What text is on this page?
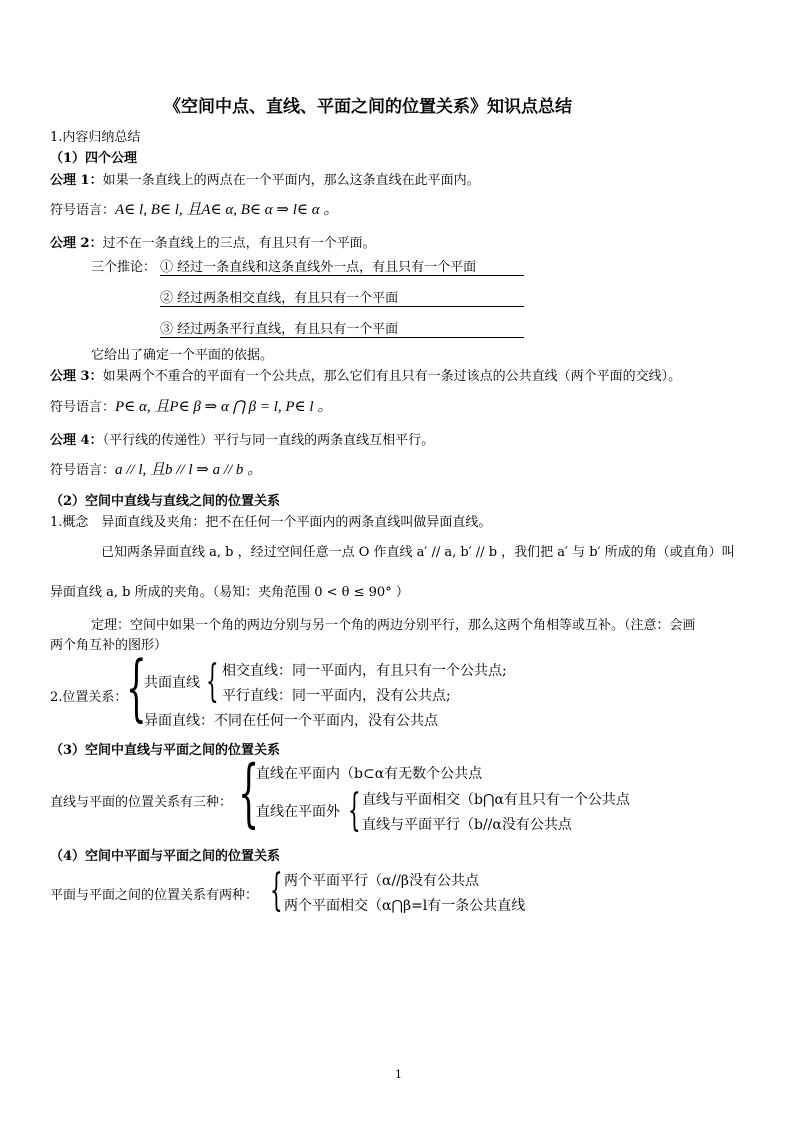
《空间中点、直线、平面之间的位置关系》知识点总结
1.内容归纳总结
（1）四个公理
公理 1：如果一条直线上的两点在一个平面内，那么这条直线在此平面内。
符号语言：A∈ l, B∈ l, 且A∈ α, B∈ α ⇒ l∈ α 。
公理 2：过不在一条直线上的三点，有且只有一个平面。
三个推论： ① 经过一条直线和这条直线外一点，有且只有一个平面
② 经过两条相交直线，有且只有一个平面
③ 经过两条平行直线，有且只有一个平面
它给出了确定一个平面的依据。
公理 3：如果两个不重合的平面有一个公共点，那么它们有且只有一条过该点的公共直线（两个平面的交线）。
符号语言：P∈ α, 且P∈ β ⇒ α ⋂ β = l, P∈ l 。
公理 4：（平行线的传递性）平行与同一直线的两条直线互相平行。
符号语言：a // l, 且b // l ⇒ a // b 。
（2）空间中直线与直线之间的位置关系
1.概念　异面直线及夹角：把不在任何一个平面内的两条直线叫做异面直线。
已知两条异面直线 a, b ，经过空间任意一点 O 作直线 a′ // a, b′ // b ，我们把 a′ 与 b′ 所成的角（或直角）叫
异面直线 a, b 所成的夹角。（易知：夹角范围 0 < θ ≤ 90° ）
定理：空间中如果一个角的两边分别与另一个角的两边分别平行，那么这两个角相等或互补。（注意：会画
两个角互补的图形）
2.位置关系：
{
共面直线 { 相交直线：同一平面内，有且只有一个公共点;
平行直线：同一平面内，没有公共点;
异面直线：不同在任何一个平面内，没有公共点
（3）空间中直线与平面之间的位置关系
直线与平面的位置关系有三种： {
直线在平面内（b⊂α有无数个公共点
直线在平面外 { 直线与平面相交（b⋂α有且只有一个公共点
直线与平面平行（b//α没有公共点
（4）空间中平面与平面之间的位置关系
平面与平面之间的位置关系有两种： { 两个平面平行（α//β没有公共点
两个平面相交（α⋂β=l有一条公共直线
1
